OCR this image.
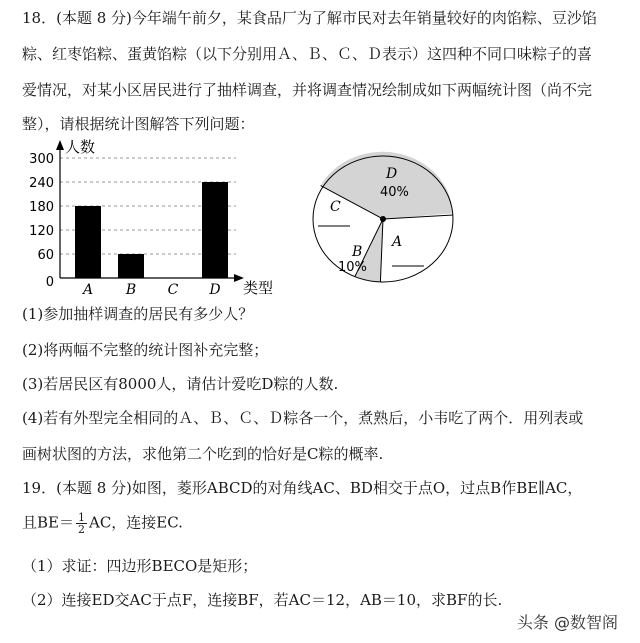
18．(本题 8 分)今年端午前夕，某食品厂为了解市民对去年销量较好的肉馅粽、豆沙馅
粽、红枣馅粽、蛋黄馅粽（以下分别用Ａ、Ｂ、Ｃ、Ｄ表示）这四种不同口味粽子的喜
爱情况，对某小区居民进行了抽样调查，并将调查情况绘制成如下两幅统计图（尚不完
整），请根据统计图解答下列问题：
60
120
180
240
300
0 A B C D
人数
类型
D
40%
A
B
10%
C
(1)参加抽样调查的居民有多少人？
(2)将两幅不完整的统计图补充完整；
(3)若居民区有8000人，请估计爱吃D粽的人数.
(4)若有外型完全相同的Ａ、Ｂ、Ｃ、Ｄ粽各一个，煮熟后，小韦吃了两个．用列表或
画树状图的方法，求他第二个吃到的恰好是C粽的概率.
19．(本题 8 分)如图，菱形ABCD的对角线AC、BD相交于点O，过点B作BE∥AC，
且$BE= \frac{1}{2}$ AC，连接EC.
（1）求证：四边形BECO是矩形；
（2）连接ED交AC于点F，连接BF，若AC＝12，AB＝10，求BF的长.
头条 @数智阁
